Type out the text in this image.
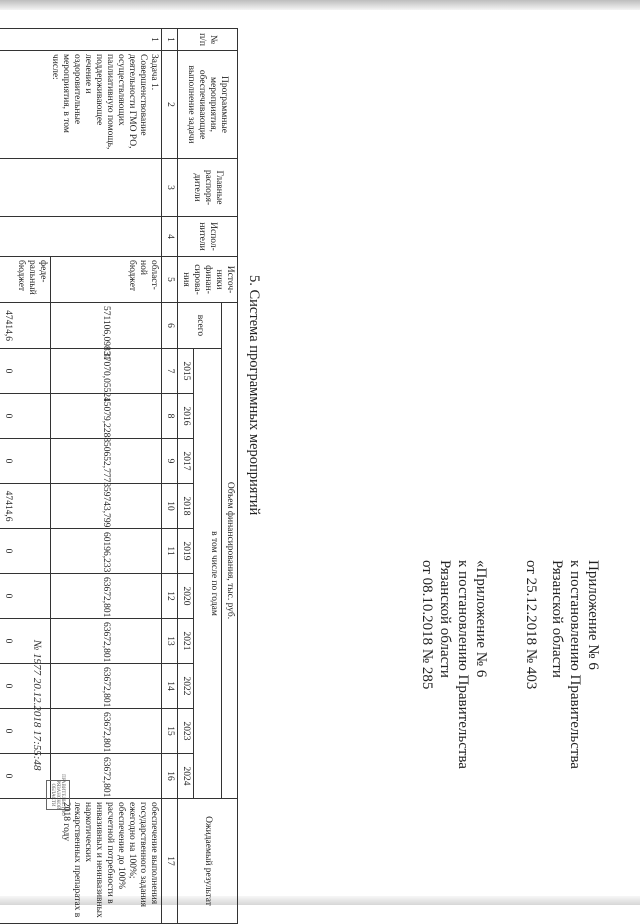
Приложение № 6
к постановлению Правительства
Рязанской области
от 25.12.2018 № 403
«Приложение № 6
к постановлению Правительства
Рязанской области
от 08.10.2018 № 285
5. Система программных мероприятий
№ п/п	Программные мероприятия, обеспечивающие выполнение задачи	Главные распоря-дители	Испол-нители	Источ-ники финан-сирова-ния	Объем финансирования, тыс. руб.											Ожидаемый результат
					всего	в том числе по годам										
						2015	2016	2017	2018	2019	2020	2021	2022	2023	2024	
1	2	3	4	5	6	7	8	9	10	11	12	13	14	15	16	17
1	Задача 1. Совершенствование деятельности ГМО РО, осуществляющих паллиативную помощь, поддерживающее лечение и оздоровительные мероприятия, в том числе:			област-ной бюджет	571106,09831	37070,05521	45079,2288	50652,7773	59743,799	60196,233	63672,801	63672,801	63672,801	63672,801	63672,801	обеспечение выполнения государственного задания ежегодно на 100%; обеспечение до 100% расчетной потребности в инвазивных и неинвазивных наркотических лекарственных препаратах в 2018 году
				феде-ральный бюджет	47414,6	0	0	0	47414,6	0	0	0	0	0	0		ПРАВИТЕЛЬСТВО РЯЗАНСКОЙ ОБЛАСТИ
№ 1977 20.12.2018 17:55:48
